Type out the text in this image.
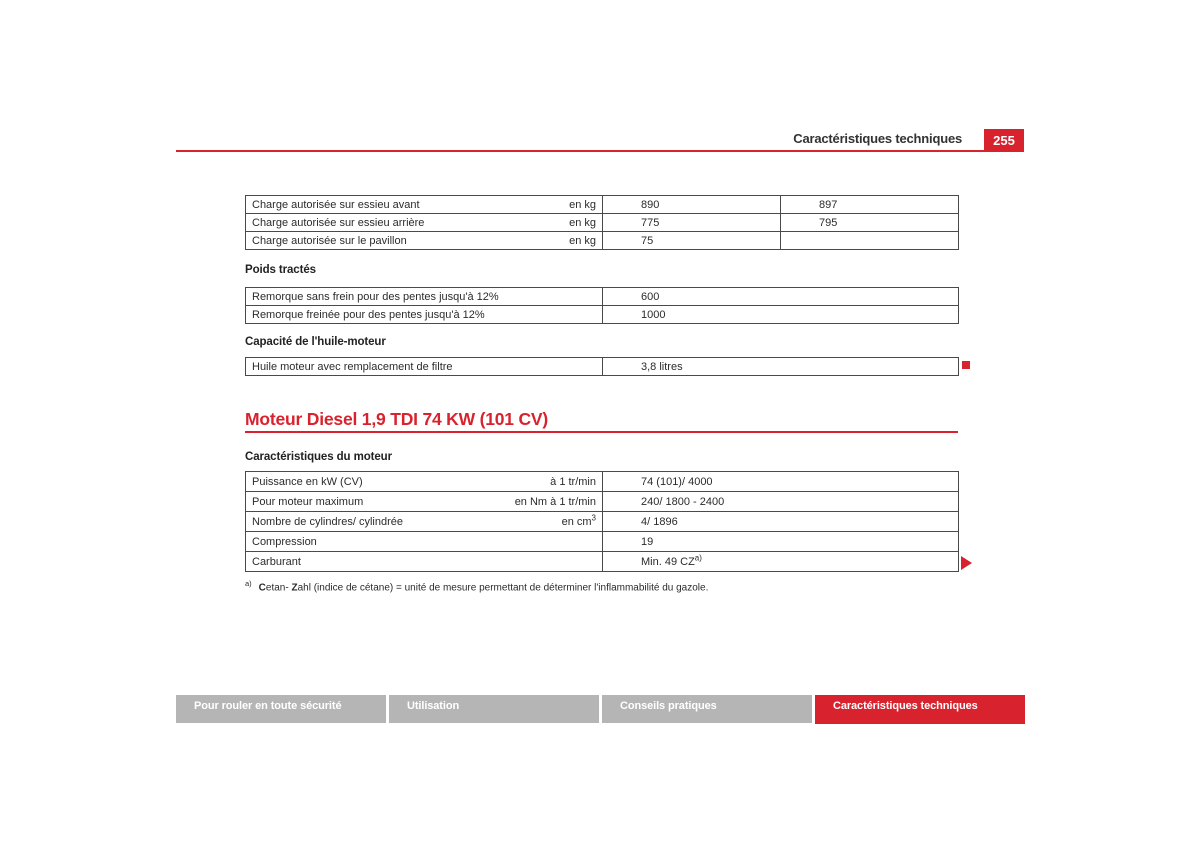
Caractéristiques techniques	255
Charge autorisée sur essieu avant en kg	890	897

Charge autorisée sur essieu arrière en kg	775	795

Charge autorisée sur le pavillon en kg	75	
Poids tractés
Remorque sans frein pour des pentes jusqu'à 12%	600
Remorque freinée pour des pentes jusqu'à 12%	1000
Capacité de l'huile-moteur
Huile moteur avec remplacement de filtre	3,8 litres
Moteur Diesel 1,9 TDI 74 KW (101 CV)
Caractéristiques du moteur
Puissance en kW (CV) à 1 tr/min	74 (101)/ 4000

Pour moteur maximum en Nm à 1 tr/min	240/ 1800 - 2400

Nombre de cylindres/ cylindrée en $cm^3$	4/ 1896

Compression	19

Carburant	Min. 49 CZ$^{a)}$
$^{a)}$ Cetan- Zahl (indice de cétane) = unité de mesure permettant de déterminer l'inflammabilité du gazole.
Pour rouler en toute sécurité	Utilisation	Conseils pratiques	Caractéristiques techniques
